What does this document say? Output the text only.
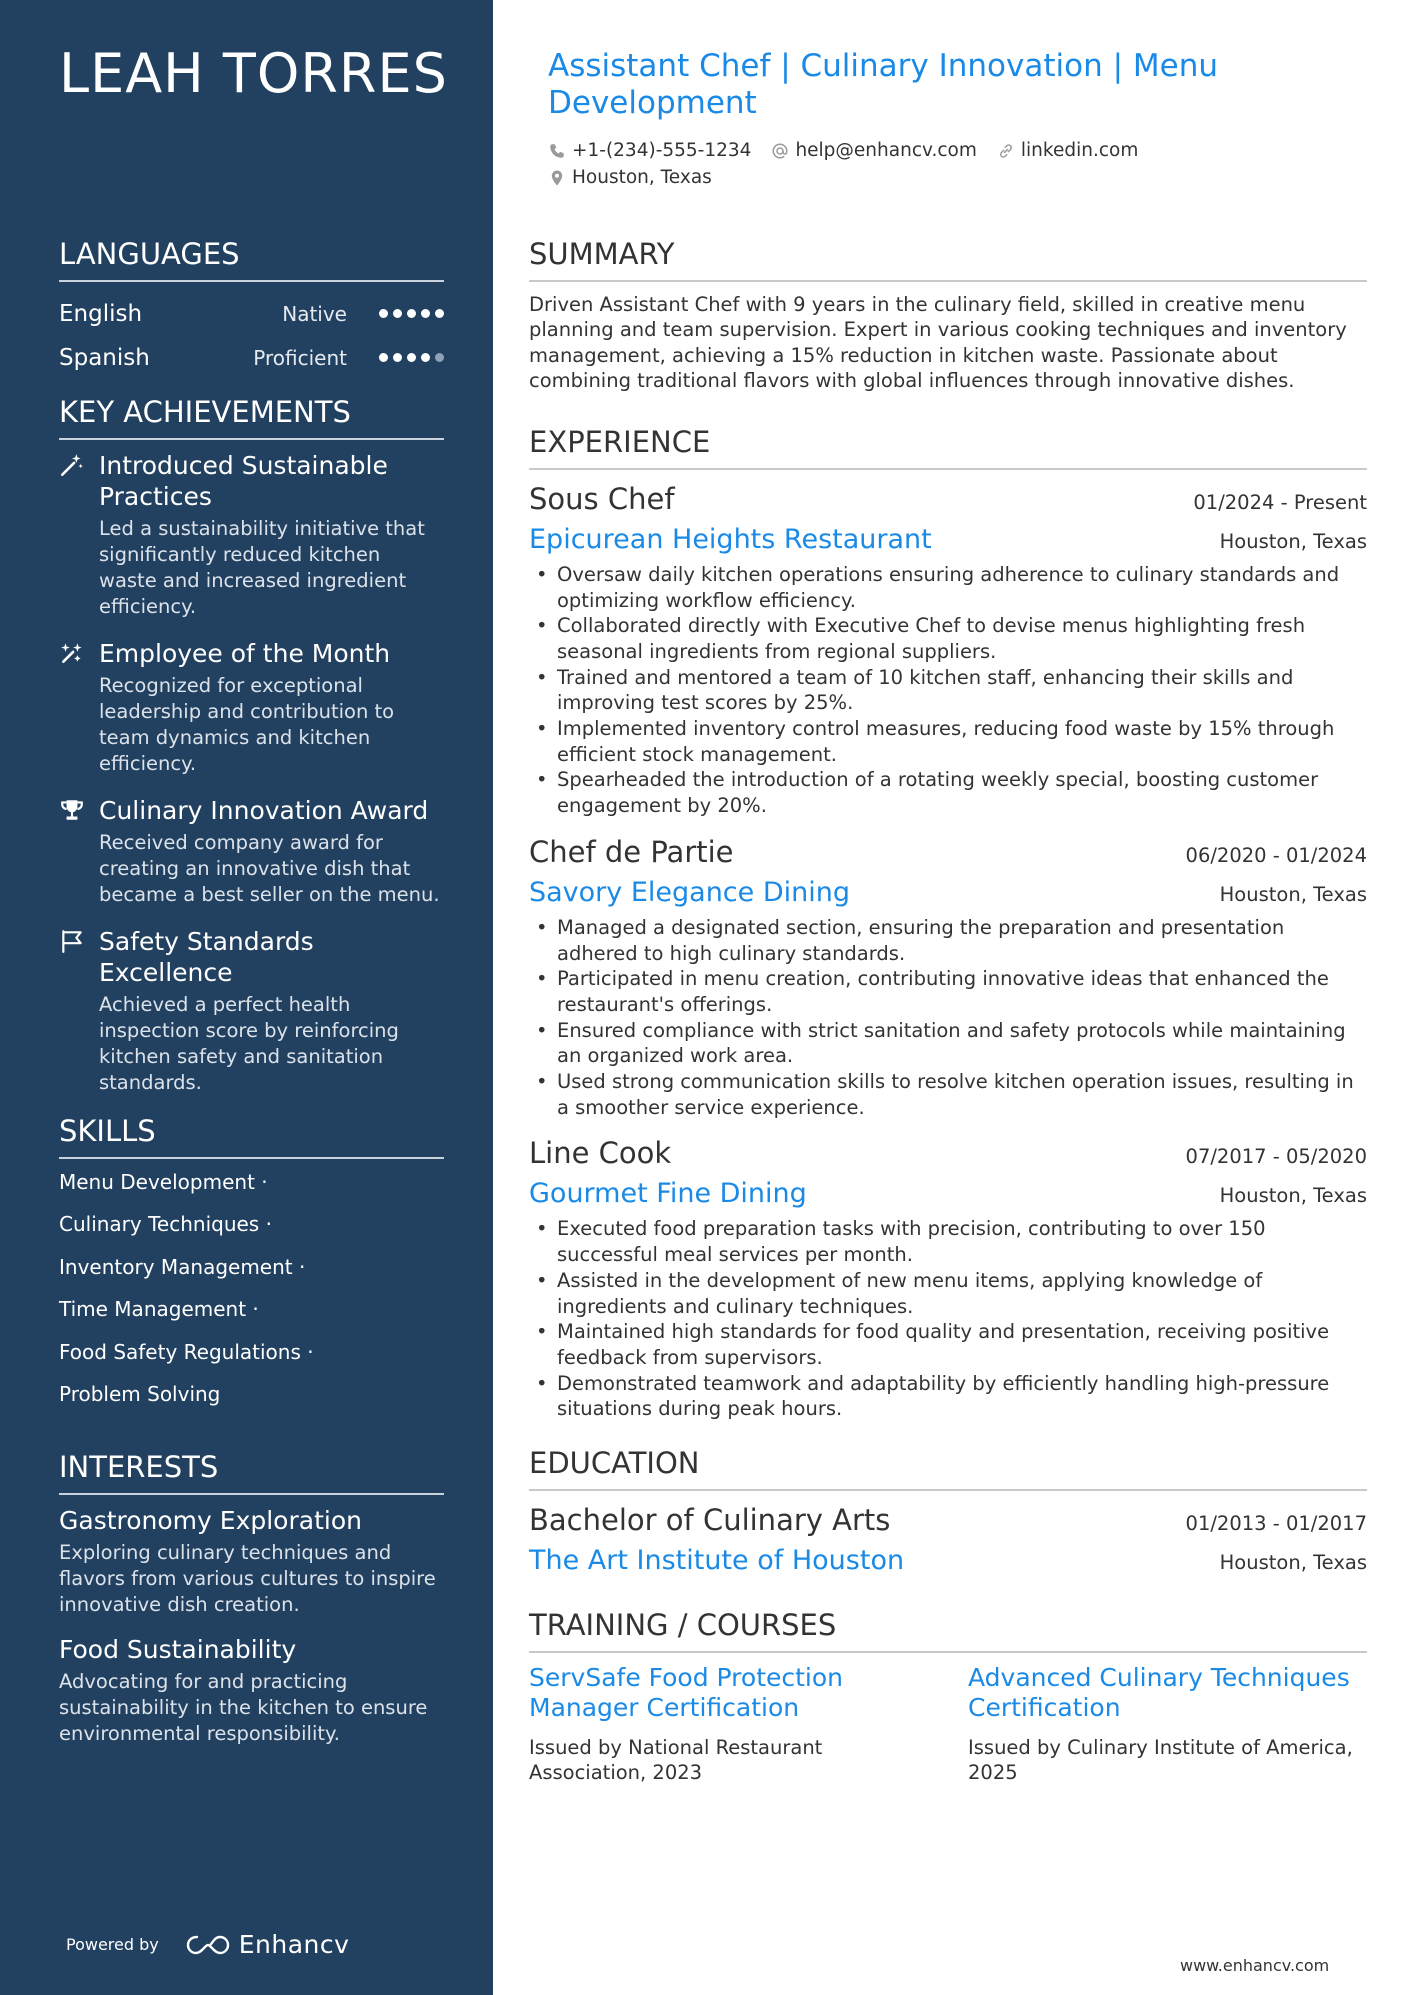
LEAH TORRES
LANGUAGES
English	Native
Spanish	Proficient
KEY ACHIEVEMENTS
Introduced Sustainable Practices
Led a sustainability initiative that significantly reduced kitchen waste and increased ingredient efficiency.
Employee of the Month
Recognized for exceptional leadership and contribution to team dynamics and kitchen efficiency.
Culinary Innovation Award
Received company award for creating an innovative dish that became a best seller on the menu.
Safety Standards Excellence
Achieved a perfect health inspection score by reinforcing kitchen safety and sanitation standards.
SKILLS
Menu Development ·
Culinary Techniques ·
Inventory Management ·
Time Management ·
Food Safety Regulations ·
Problem Solving
INTERESTS
Gastronomy Exploration
Exploring culinary techniques and flavors from various cultures to inspire innovative dish creation.
Food Sustainability
Advocating for and practicing sustainability in the kitchen to ensure environmental responsibility.
Powered by	Enhancv
Assistant Chef | Culinary Innovation | Menu Development
+1-(234)-555-1234 help@enhancv.com linkedin.com
Houston, Texas
SUMMARY

Driven Assistant Chef with 9 years in the culinary field, skilled in creative menu planning and team supervision. Expert in various cooking techniques and inventory management, achieving a 15% reduction in kitchen waste. Passionate about combining traditional flavors with global influences through innovative dishes.

EXPERIENCE
Sous Chef	01/2024 - Present
Epicurean Heights Restaurant	Houston, Texas
• Oversaw daily kitchen operations ensuring adherence to culinary standards and optimizing workflow efficiency.
• Collaborated directly with Executive Chef to devise menus highlighting fresh seasonal ingredients from regional suppliers.
• Trained and mentored a team of 10 kitchen staff, enhancing their skills and improving test scores by 25%.
• Implemented inventory control measures, reducing food waste by 15% through efficient stock management.
• Spearheaded the introduction of a rotating weekly special, boosting customer engagement by 20%.
Chef de Partie	06/2020 - 01/2024
Savory Elegance Dining	Houston, Texas
• Managed a designated section, ensuring the preparation and presentation adhered to high culinary standards.
• Participated in menu creation, contributing innovative ideas that enhanced the restaurant's offerings.
• Ensured compliance with strict sanitation and safety protocols while maintaining an organized work area.
• Used strong communication skills to resolve kitchen operation issues, resulting in a smoother service experience.
Line Cook	07/2017 - 05/2020
Gourmet Fine Dining	Houston, Texas
• Executed food preparation tasks with precision, contributing to over 150 successful meal services per month.
• Assisted in the development of new menu items, applying knowledge of ingredients and culinary techniques.
• Maintained high standards for food quality and presentation, receiving positive feedback from supervisors.
• Demonstrated teamwork and adaptability by efficiently handling high-pressure situations during peak hours.
EDUCATION
Bachelor of Culinary Arts	01/2013 - 01/2017
The Art Institute of Houston	Houston, Texas
TRAINING / COURSES
ServSafe Food Protection Manager Certification
Issued by National Restaurant Association, 2023
Advanced Culinary Techniques Certification
Issued by Culinary Institute of America, 2025
www.enhancv.com
